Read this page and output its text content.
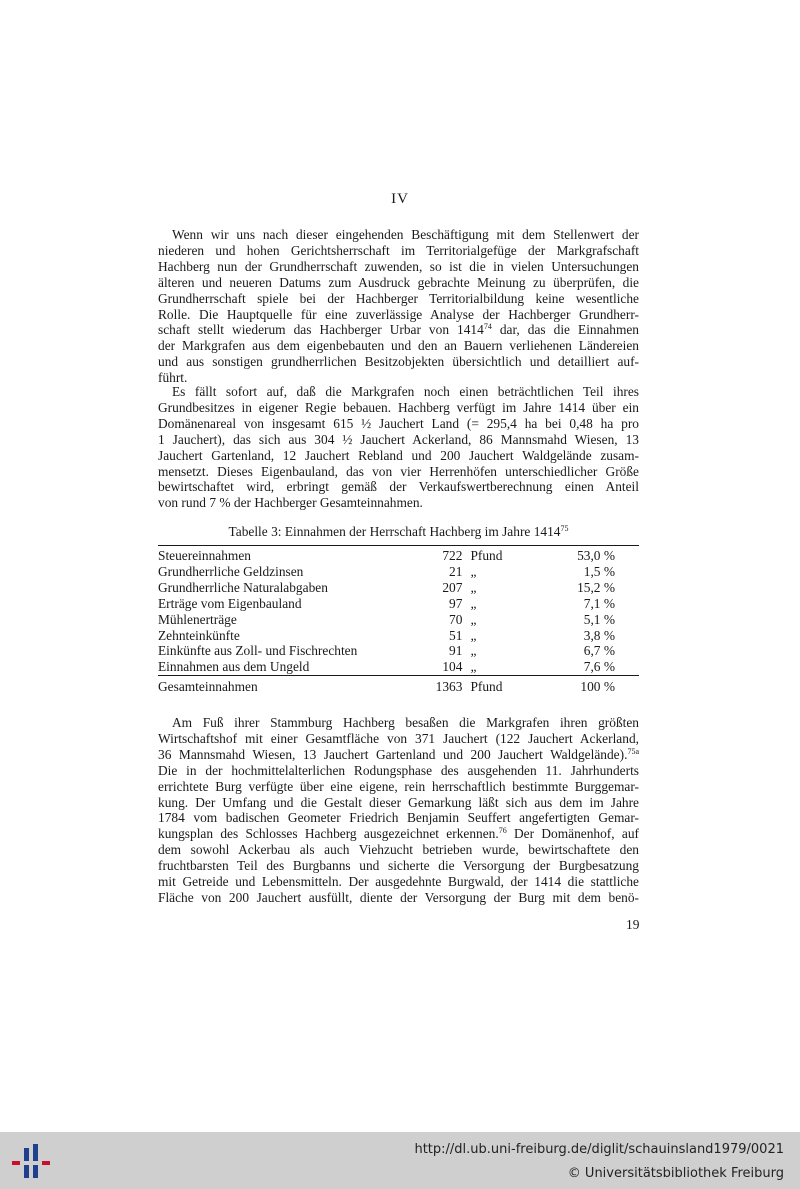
IV
Wenn wir uns nach dieser eingehenden Beschäftigung mit dem Stellenwert der
niederen und hohen Gerichtsherrschaft im Territorialgefüge der Markgrafschaft
Hachberg nun der Grundherrschaft zuwenden, so ist die in vielen Untersuchungen
älteren und neueren Datums zum Ausdruck gebrachte Meinung zu überprüfen, die
Grundherrschaft spiele bei der Hachberger Territorialbildung keine wesentliche
Rolle. Die Hauptquelle für eine zuverlässige Analyse der Hachberger Grundherr-
schaft stellt wiederum das Hachberger Urbar von 1414$^{74}$ dar, das die Einnahmen
der Markgrafen aus dem eigenbebauten und den an Bauern verliehenen Ländereien
und aus sonstigen grundherrlichen Besitzobjekten übersichtlich und detailliert auf-
führt.
Es fällt sofort auf, daß die Markgrafen noch einen beträchtlichen Teil ihres
Grundbesitzes in eigener Regie bebauen. Hachberg verfügt im Jahre 1414 über ein
Domänenareal von insgesamt 615 ½ Jauchert Land (= 295,4 ha bei 0,48 ha pro
1 Jauchert), das sich aus 304 ½ Jauchert Ackerland, 86 Mannsmahd Wiesen, 13
Jauchert Gartenland, 12 Jauchert Rebland und 200 Jauchert Waldgelände zusam-
mensetzt. Dieses Eigenbauland, das von vier Herrenhöfen unterschiedlicher Größe
bewirtschaftet wird, erbringt gemäß der Verkaufswertberechnung einen Anteil
von rund 7 % der Hachberger Gesamteinnahmen.
Tabelle 3: Einnahmen der Herrschaft Hachberg im Jahre 1414$^{75}$
Steuereinnahmen	722	Pfund	53,0 %
Grundherrliche Geldzinsen	21	„	1,5 %
Grundherrliche Naturalabgaben	207	„	15,2 %
Erträge vom Eigenbauland	97	„	7,1 %
Mühlenerträge	70	„	5,1 %
Zehnteinkünfte	51	„	3,8 %
Einkünfte aus Zoll- und Fischrechten	91	„	6,7 %
Einnahmen aus dem Ungeld	104	„	7,6 %
Gesamteinnahmen	1363	Pfund	100 %
Am Fuß ihrer Stammburg Hachberg besaßen die Markgrafen ihren größten
Wirtschaftshof mit einer Gesamtfläche von 371 Jauchert (122 Jauchert Ackerland,
36 Mannsmahd Wiesen, 13 Jauchert Gartenland und 200 Jauchert Waldgelände).$^{75a}$
Die in der hochmittelalterlichen Rodungsphase des ausgehenden 11. Jahrhunderts
errichtete Burg verfügte über eine eigene, rein herrschaftlich bestimmte Burggemar-
kung. Der Umfang und die Gestalt dieser Gemarkung läßt sich aus dem im Jahre
1784 vom badischen Geometer Friedrich Benjamin Seuffert angefertigten Gemar-
kungsplan des Schlosses Hachberg ausgezeichnet erkennen.$^{76}$ Der Domänenhof, auf
dem sowohl Ackerbau als auch Viehzucht betrieben wurde, bewirtschaftete den
fruchtbarsten Teil des Burgbanns und sicherte die Versorgung der Burgbesatzung
mit Getreide und Lebensmitteln. Der ausgedehnte Burgwald, der 1414 die stattliche
Fläche von 200 Jauchert ausfüllt, diente der Versorgung der Burg mit dem benö-
19
http://dl.ub.uni-freiburg.de/diglit/schauinsland1979/0021
© Universitätsbibliothek Freiburg
